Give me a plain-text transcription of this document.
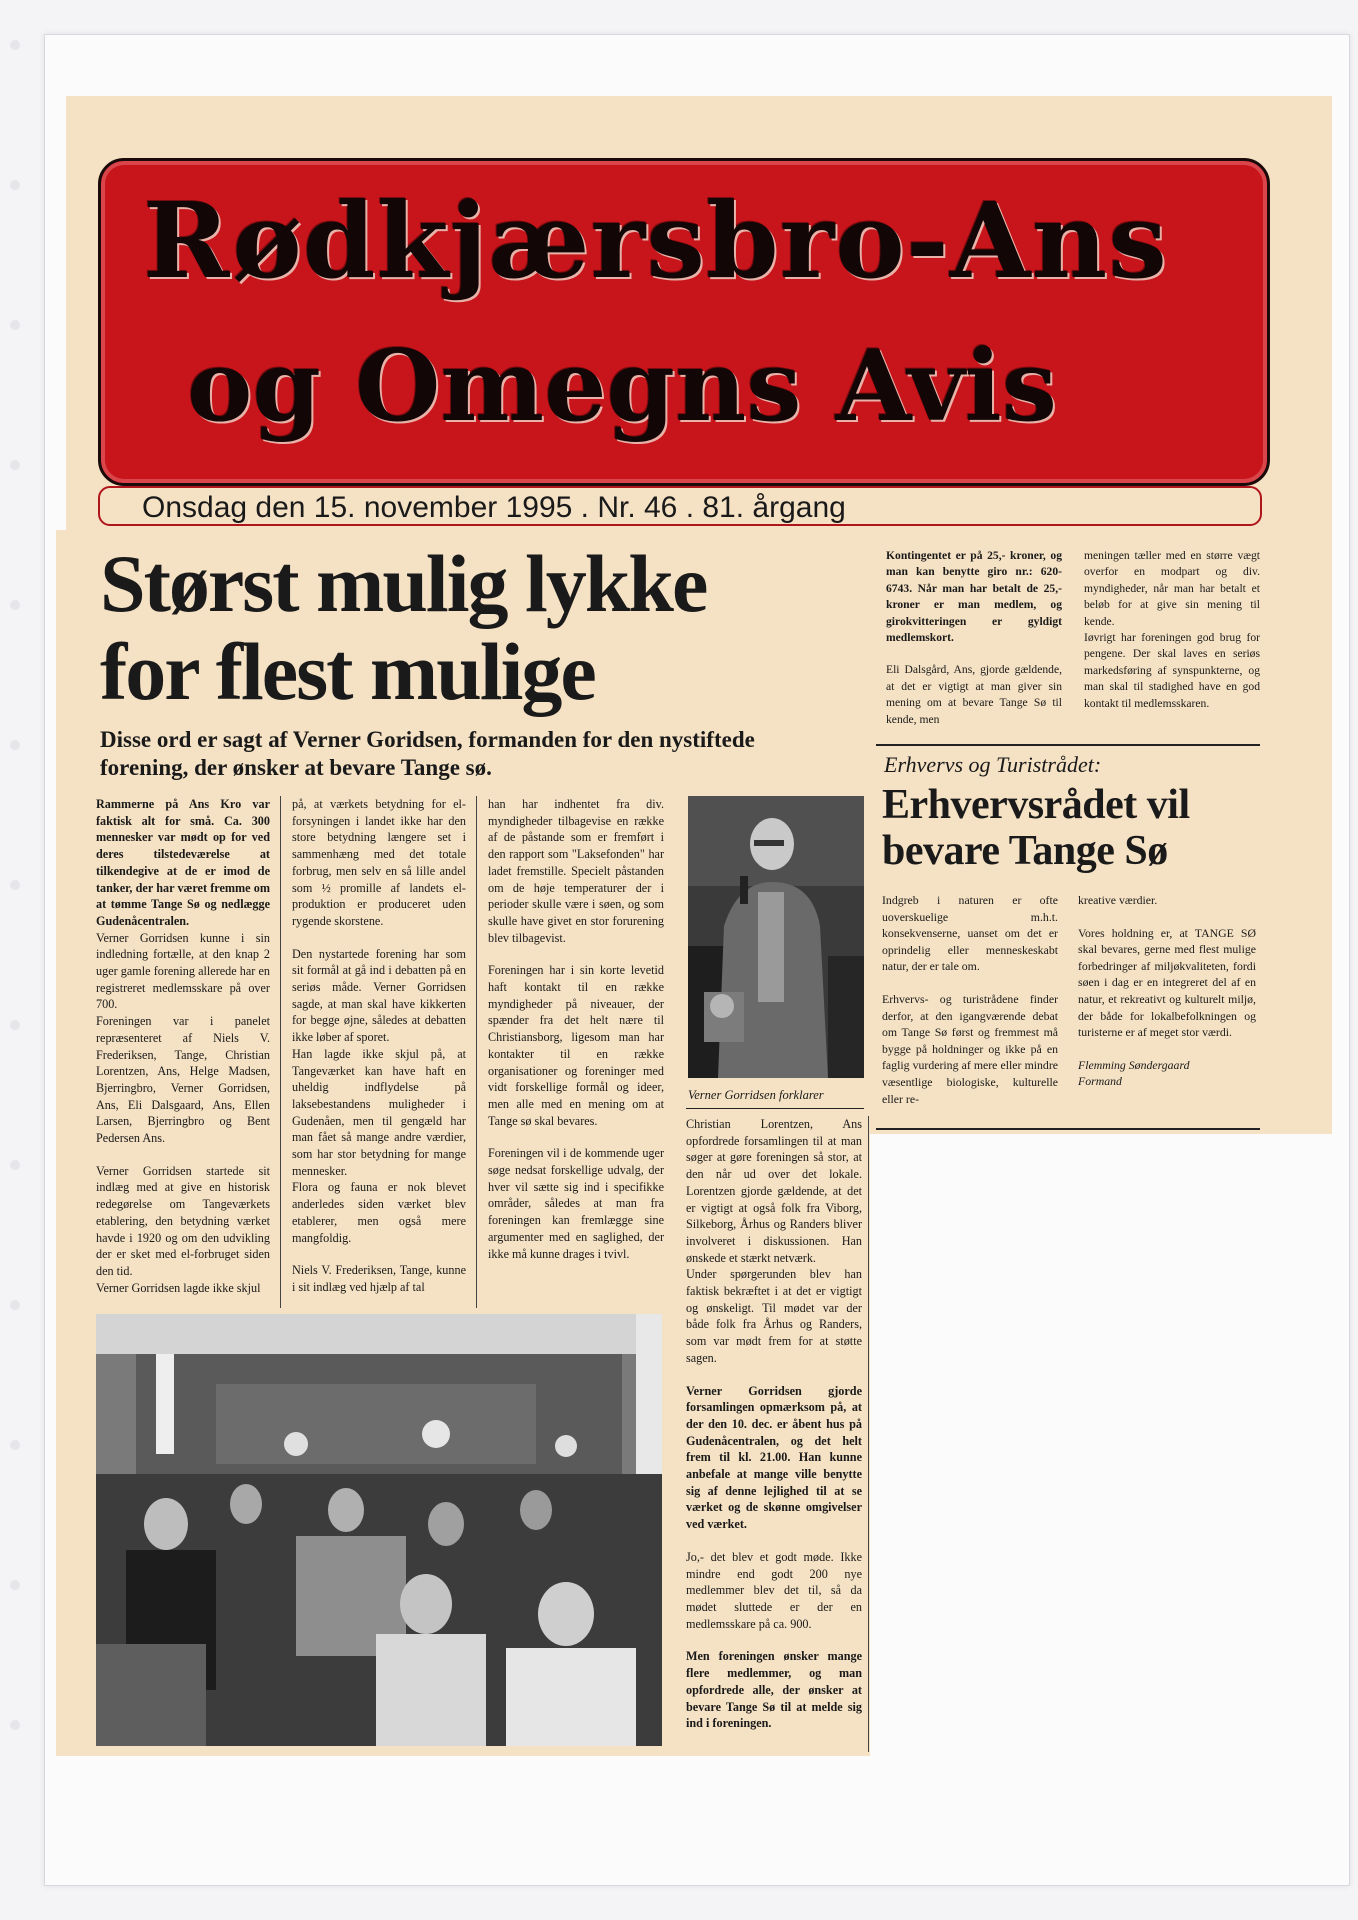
Rødkjærsbro-Ans
og Omegns Avis
Onsdag den 15. november 1995 . Nr. 46 . 81. årgang
Størst mulig lykke
for flest mulige
Disse ord er sagt af Verner Goridsen, formanden for den nystiftede forening, der ønsker at bevare Tange sø.

Rammerne på Ans Kro var faktisk alt for små. Ca. 300 mennesker var mødt op for ved deres tilstedeværelse at tilkendegive at de er imod de tanker, der har været fremme om at tømme Tange Sø og nedlægge Gudenåcentralen.

Verner Gorridsen kunne i sin indledning fortælle, at den knap 2 uger gamle forening allerede har en registreret medlemsskare på over 700.

Foreningen var i panelet repræsenteret af Niels V. Frederiksen, Tange, Christian Lorentzen, Ans, Helge Madsen, Bjerringbro, Verner Gorridsen, Ans, Eli Dalsgaard, Ans, Ellen Larsen, Bjerringbro og Bent Pedersen Ans.

Verner Gorridsen startede sit indlæg med at give en historisk redegørelse om Tangeværkets etablering, den betydning værket havde i 1920 og om den udvikling der er sket med el-forbruget siden den tid.

Verner Gorridsen lagde ikke skjul

på, at værkets betydning for el-forsyningen i landet ikke har den store betydning længere set i sammenhæng med det totale forbrug, men selv en så lille andel som ½ promille af landets el-produktion er produceret uden rygende skorstene.

Den nystartede forening har som sit formål at gå ind i debatten på en seriøs måde. Verner Gorridsen sagde, at man skal have kikkerten for begge øjne, således at debatten ikke løber af sporet.

Han lagde ikke skjul på, at Tangeværket kan have haft en uheldig indflydelse på laksebestandens muligheder i Gudenåen, men til gengæld har man fået så mange andre værdier, som har stor betydning for mange mennesker.

Flora og fauna er nok blevet anderledes siden værket blev etablerer, men også mere mangfoldig.

Niels V. Frederiksen, Tange, kunne i sit indlæg ved hjælp af tal

han har indhentet fra div. myndigheder tilbagevise en række af de påstande som er fremført i den rapport som "Laksefonden" har ladet fremstille. Specielt påstanden om de høje temperaturer der i perioder skulle være i søen, og som skulle have givet en stor forurening blev tilbagevist.

Foreningen har i sin korte levetid haft kontakt til en række myndigheder på niveauer, der spænder fra det helt nære til Christiansborg, ligesom man har kontakter til en række organisationer og foreninger med vidt forskellige formål og ideer, men alle med en mening om at Tange sø skal bevares.

Foreningen vil i de kommende uger søge nedsat forskellige udvalg, der hver vil sætte sig ind i specifikke områder, således at man fra foreningen kan fremlægge sine argumenter med en saglighed, der ikke må kunne drages i tvivl.

Verner Gorridsen forklarer

Christian Lorentzen, Ans opfordrede forsamlingen til at man søger at gøre foreningen så stor, at den når ud over det lokale. Lorentzen gjorde gældende, at det er vigtigt at også folk fra Viborg, Silkeborg, Århus og Randers bliver involveret i diskussionen. Han ønskede et stærkt netværk.

Under spørgerunden blev han faktisk bekræftet i at det er vigtigt og ønskeligt. Til mødet var der både folk fra Århus og Randers, som var mødt frem for at støtte sagen.

Verner Gorridsen gjorde forsamlingen opmærksom på, at der den 10. dec. er åbent hus på Gudenåcentralen, og det helt frem til kl. 21.00. Han kunne anbefale at mange ville benytte sig af denne lejlighed til at se værket og de skønne omgivelser ved værket.

Jo,- det blev et godt møde. Ikke mindre end godt 200 nye medlemmer blev det til, så da mødet sluttede er der en medlemsskare på ca. 900.

Men foreningen ønsker mange flere medlemmer, og man opfordrede alle, der ønsker at bevare Tange Sø til at melde sig ind i foreningen.

Kontingentet er på 25,- kroner, og man kan benytte giro nr.: 620-6743. Når man har betalt de 25,- kroner er man medlem, og girokvitteringen er gyldigt medlemskort.

Eli Dalsgård, Ans, gjorde gældende, at det er vigtigt at man giver sin mening om at bevare Tange Sø til kende, men

meningen tæller med en større vægt overfor en modpart og div. myndigheder, når man har betalt et beløb for at give sin mening til kende.

Iøvrigt har foreningen god brug for pengene. Der skal laves en seriøs markedsføring af synspunkterne, og man skal til stadighed have en god kontakt til medlemsskaren.

Erhvervs og Turistrådet:
Erhvervsrådet vil bevare Tange Sø

Indgreb i naturen er ofte uoverskuelige m.h.t. konsekvenserne, uanset om det er oprindelig eller menneskeskabt natur, der er tale om.

Erhvervs- og turistrådene finder derfor, at den igangværende debat om Tange Sø først og fremmest må bygge på holdninger og ikke på en faglig vurdering af mere eller mindre væsentlige biologiske, kulturelle eller re-

kreative værdier.

Vores holdning er, at TANGE SØ skal bevares, gerne med flest mulige forbedringer af miljøkvaliteten, fordi søen i dag er en integreret del af en natur, et rekreativt og kulturelt miljø, der både for lokalbefolkningen og turisterne er af meget stor værdi.

Flemming Søndergaard
Formand
